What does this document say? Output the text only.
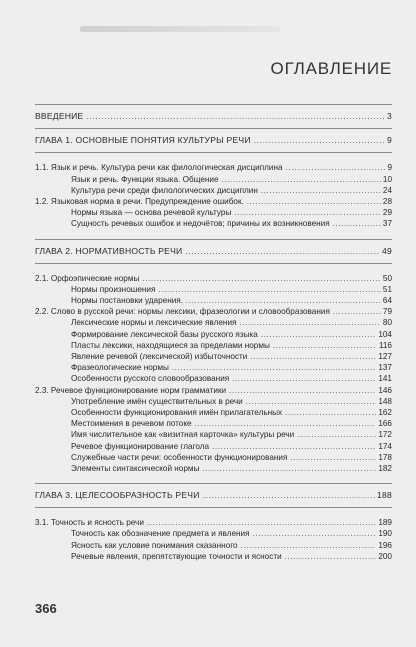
ОГЛАВЛЕНИЕ
ВВЕДЕНИЕ .....	3
ГЛАВА 1. ОСНОВНЫЕ ПОНЯТИЯ КУЛЬТУРЫ РЕЧИ .....	9
1.1. Язык и речь. Культура речи как филологическая дисциплина .....	9
Язык и речь. Функции языка. Общение .....	10
Культура речи среди филологических дисциплин .....	24
1.2. Языковая норма в речи. Предупреждение ошибок. .....	28
Нормы языка — основа речевой культуры .....	29
Сущность речевых ошибок и недочётов; причины их возникновения .....	37
ГЛАВА 2. НОРМАТИВНОСТЬ РЕЧИ .....	49
2.1. Орфоэпические нормы .....	50
Нормы произношения .....	51
Нормы постановки ударения. .....	64
2.2. Слово в русской речи: нормы лексики, фразеологии и словообразования .....	79
Лексические нормы и лексические явления .....	80
Формирование лексической базы русского языка .....	104
Пласты лексики, находящиеся за пределами нормы .....	116
Явление речевой (лексической) избыточности .....	127
Фразеологические нормы .....	137
Особенности русского словообразования .....	141
2.3. Речевое функционирование норм грамматики .....	146
Употребление имён существительных в речи .....	148
Особенности функционирования имён прилагательных .....	162
Местоимения в речевом потоке .....	166
Имя числительное как «визитная карточка» культуры речи .....	172
Речевое функционирование глагола .....	174
Служебные части речи: особенности функционирования .....	178
Элементы синтаксической нормы .....	182
ГЛАВА 3. ЦЕЛЕСООБРАЗНОСТЬ РЕЧИ .....	188
3.1. Точность и ясность речи .....	189
Точность как обозначение предмета и явления .....	190
Ясность как условие понимания сказанного .....	196
Речевые явления, препятствующие точности и ясности .....	200
366
